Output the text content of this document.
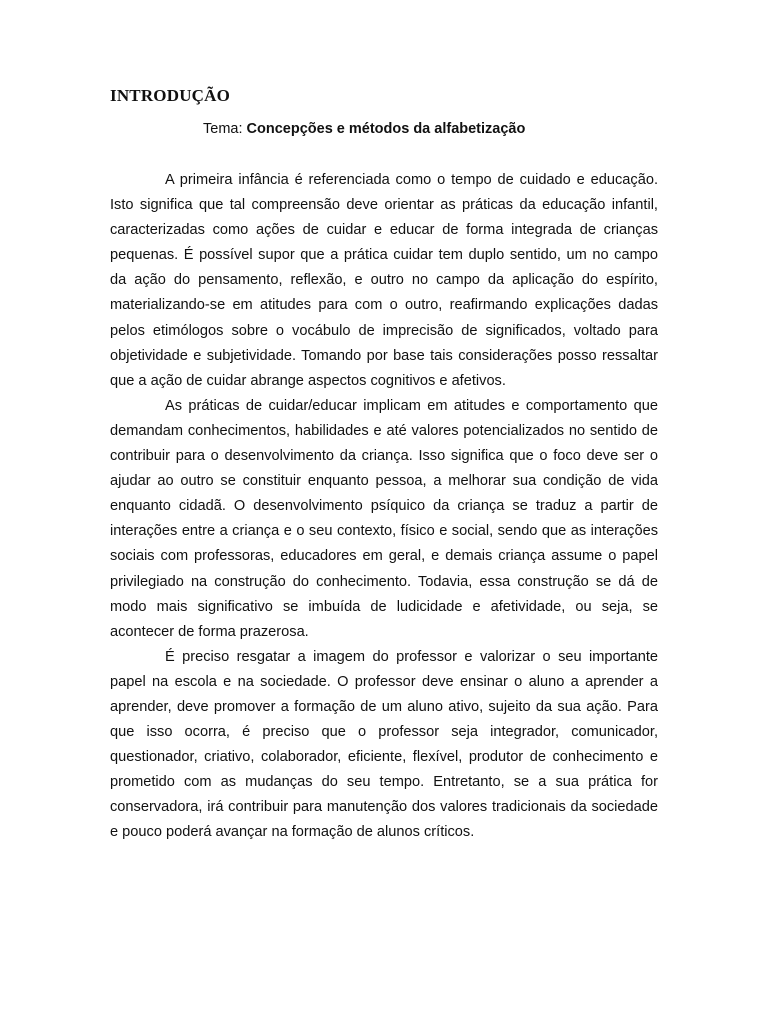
INTRODUÇÃO
Tema: Concepções e métodos da alfabetização

A primeira infância é referenciada como o tempo de cuidado e educação. Isto significa que tal compreensão deve orientar as práticas da educação infantil, caracterizadas como ações de cuidar e educar de forma integrada de crianças pequenas. É possível supor que a prática cuidar tem duplo sentido, um no campo da ação do pensamento, reflexão, e outro no campo da aplicação do espírito, materializando-se em atitudes para com o outro, reafirmando explicações dadas pelos etimólogos sobre o vocábulo de imprecisão de significados, voltado para objetividade e subjetividade. Tomando por base tais considerações posso ressaltar que a ação de cuidar abrange aspectos cognitivos e afetivos.

As práticas de cuidar/educar implicam em atitudes e comportamento que demandam conhecimentos, habilidades e até valores potencializados no sentido de contribuir para o desenvolvimento da criança. Isso significa que o foco deve ser o ajudar ao outro se constituir enquanto pessoa, a melhorar sua condição de vida enquanto cidadã. O desenvolvimento psíquico da criança se traduz a partir de interações entre a criança e o seu contexto, físico e social, sendo que as interações sociais com professoras, educadores em geral, e demais criança assume o papel privilegiado na construção do conhecimento. Todavia, essa construção se dá de modo mais significativo se imbuída de ludicidade e afetividade, ou seja, se acontecer de forma prazerosa.

É preciso resgatar a imagem do professor e valorizar o seu importante papel na escola e na sociedade. O professor deve ensinar o aluno a aprender a aprender, deve promover a formação de um aluno ativo, sujeito da sua ação. Para que isso ocorra, é preciso que o professor seja integrador, comunicador, questionador, criativo, colaborador, eficiente, flexível, produtor de conhecimento e prometido com as mudanças do seu tempo. Entretanto, se a sua prática for conservadora, irá contribuir para manutenção dos valores tradicionais da sociedade e pouco poderá avançar na formação de alunos críticos.
